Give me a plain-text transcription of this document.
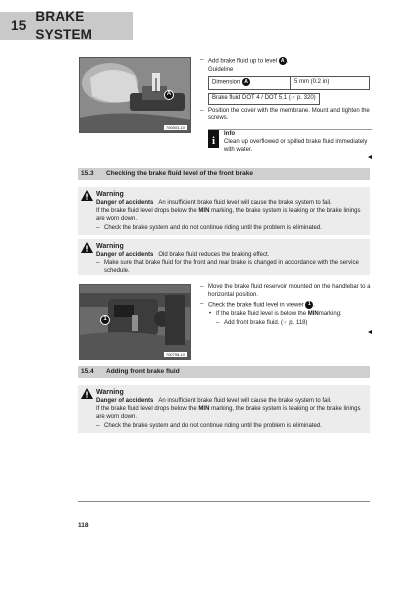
15
BRAKE SYSTEM
A
700803-10
– Add brake fluid up to level A .
Guideline
Dimension A	5 mm (0.2 in)
Brake fluid DOT 4 / DOT 5.1 (☞ p. 320)
– Position the cover with the membrane. Mount and tighten the screws.
i
Info
Clean up overflowed or spilled brake fluid immediately with water.
15.3	Checking the brake fluid level of the front brake
Warning
Danger of accidents An insufficient brake fluid level will cause the brake system to fail.
If the brake fluid level drops below the MIN marking, the brake system is leaking or the brake linings are worn down.
– Check the brake system and do not continue riding until the problem is eliminated.
Warning
Danger of accidents Old brake fluid reduces the braking effect.
– Make sure that brake fluid for the front and rear brake is changed in accordance with the service schedule.
1
700798-10
– Move the brake fluid reservoir mounted on the handlebar to a horizontal position.
– Check the brake fluid level in viewer 1 .
• If the brake fluid level is below the MINmarking:
– Add front brake fluid. (☞ p. 118)
15.4	Adding front brake fluid
Warning
Danger of accidents An insufficient brake fluid level will cause the brake system to fail.
If the brake fluid level drops below the MIN marking, the brake system is leaking or the brake linings are worn down.
– Check the brake system and do not continue riding until the problem is eliminated.
118
